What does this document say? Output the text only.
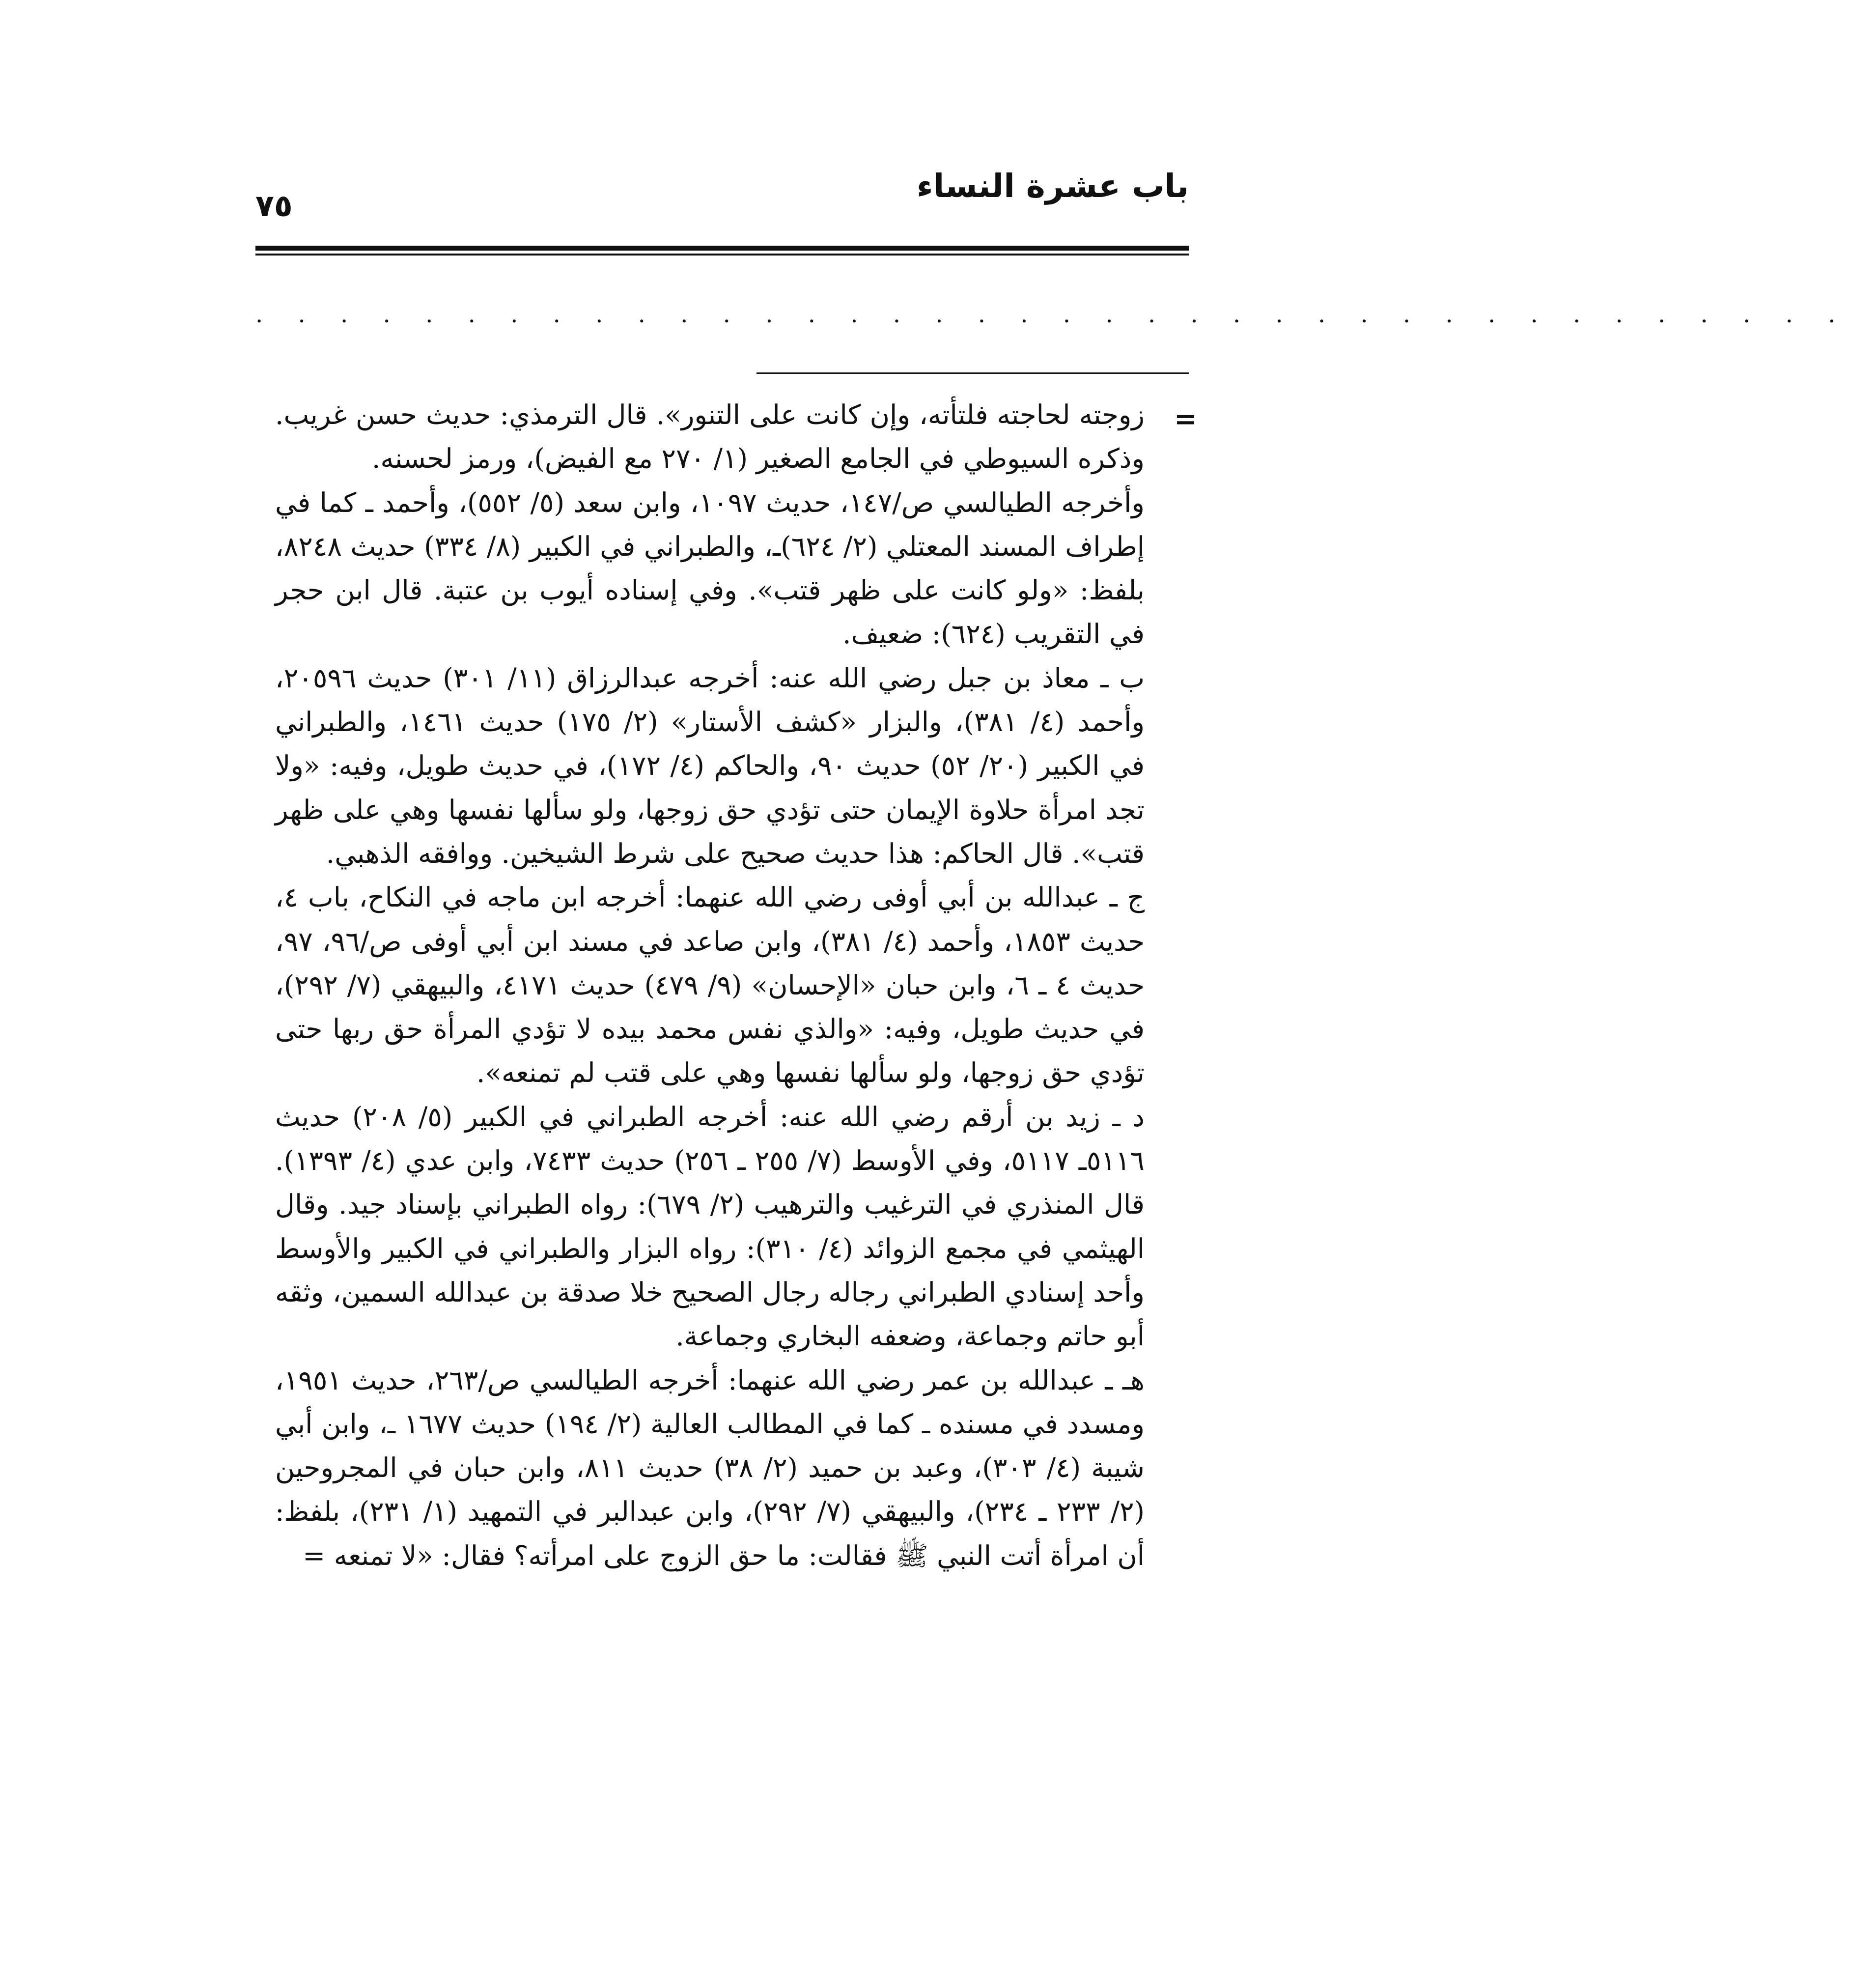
باب عشرة النساء
٧٥
. . . . . . . . . . . . . . . . . . . . . . . . . . . . . . . . . . . . . .
=

زوجته لحاجته فلتأته، وإن كانت على التنور». قال الترمذي: حديث حسن غريب. وذكره السيوطي في الجامع الصغير (١/ ٢٧٠ مع الفيض)، ورمز لحسنه.

وأخرجه الطيالسي ص/١٤٧، حديث ١٠٩٧، وابن سعد (٥/ ٥٥٢)، وأحمد ـ كما في إطراف المسند المعتلي (٢/ ٦٢٤)ـ، والطبراني في الكبير (٨/ ٣٣٤) حديث ٨٢٤٨، بلفظ: «ولو كانت على ظهر قتب». وفي إسناده أيوب بن عتبة. قال ابن حجر في التقريب (٦٢٤): ضعيف.

ب ـ معاذ بن جبل رضي الله عنه: أخرجه عبدالرزاق (١١/ ٣٠١) حديث ٢٠٥٩٦، وأحمد (٤/ ٣٨١)، والبزار «كشف الأستار» (٢/ ١٧٥) حديث ١٤٦١، والطبراني في الكبير (٢٠/ ٥٢) حديث ٩٠، والحاكم (٤/ ١٧٢)، في حديث طويل، وفيه: «ولا تجد امرأة حلاوة الإيمان حتى تؤدي حق زوجها، ولو سألها نفسها وهي على ظهر قتب». قال الحاكم: هذا حديث صحيح على شرط الشيخين. ووافقه الذهبي.

ج ـ عبدالله بن أبي أوفى رضي الله عنهما: أخرجه ابن ماجه في النكاح، باب ٤، حديث ١٨٥٣، وأحمد (٤/ ٣٨١)، وابن صاعد في مسند ابن أبي أوفى ص/٩٦، ٩٧، حديث ٤ ـ ٦، وابن حبان «الإحسان» (٩/ ٤٧٩) حديث ٤١٧١، والبيهقي (٧/ ٢٩٢)، في حديث طويل، وفيه: «والذي نفس محمد بيده لا تؤدي المرأة حق ربها حتى تؤدي حق زوجها، ولو سألها نفسها وهي على قتب لم تمنعه».

د ـ زيد بن أرقم رضي الله عنه: أخرجه الطبراني في الكبير (٥/ ٢٠٨) حديث ٥١١٦ـ ٥١١٧، وفي الأوسط (٧/ ٢٥٥ ـ ٢٥٦) حديث ٧٤٣٣، وابن عدي (٤/ ١٣٩٣). قال المنذري في الترغيب والترهيب (٢/ ٦٧٩): رواه الطبراني بإسناد جيد. وقال الهيثمي في مجمع الزوائد (٤/ ٣١٠): رواه البزار والطبراني في الكبير والأوسط وأحد إسنادي الطبراني رجاله رجال الصحيح خلا صدقة بن عبدالله السمين، وثقه أبو حاتم وجماعة، وضعفه البخاري وجماعة.

هـ ـ عبدالله بن عمر رضي الله عنهما: أخرجه الطيالسي ص/٢٦٣، حديث ١٩٥١، ومسدد في مسنده ـ كما في المطالب العالية (٢/ ١٩٤) حديث ١٦٧٧ ـ، وابن أبي شيبة (٤/ ٣٠٣)، وعبد بن حميد (٢/ ٣٨) حديث ٨١١، وابن حبان في المجروحين (٢/ ٢٣٣ ـ ٢٣٤)، والبيهقي (٧/ ٢٩٢)، وابن عبدالبر في التمهيد (١/ ٢٣١)، بلفظ: أن امرأة أتت النبي ﷺ فقالت: ما حق الزوج على امرأته؟ فقال: «لا تمنعه =
